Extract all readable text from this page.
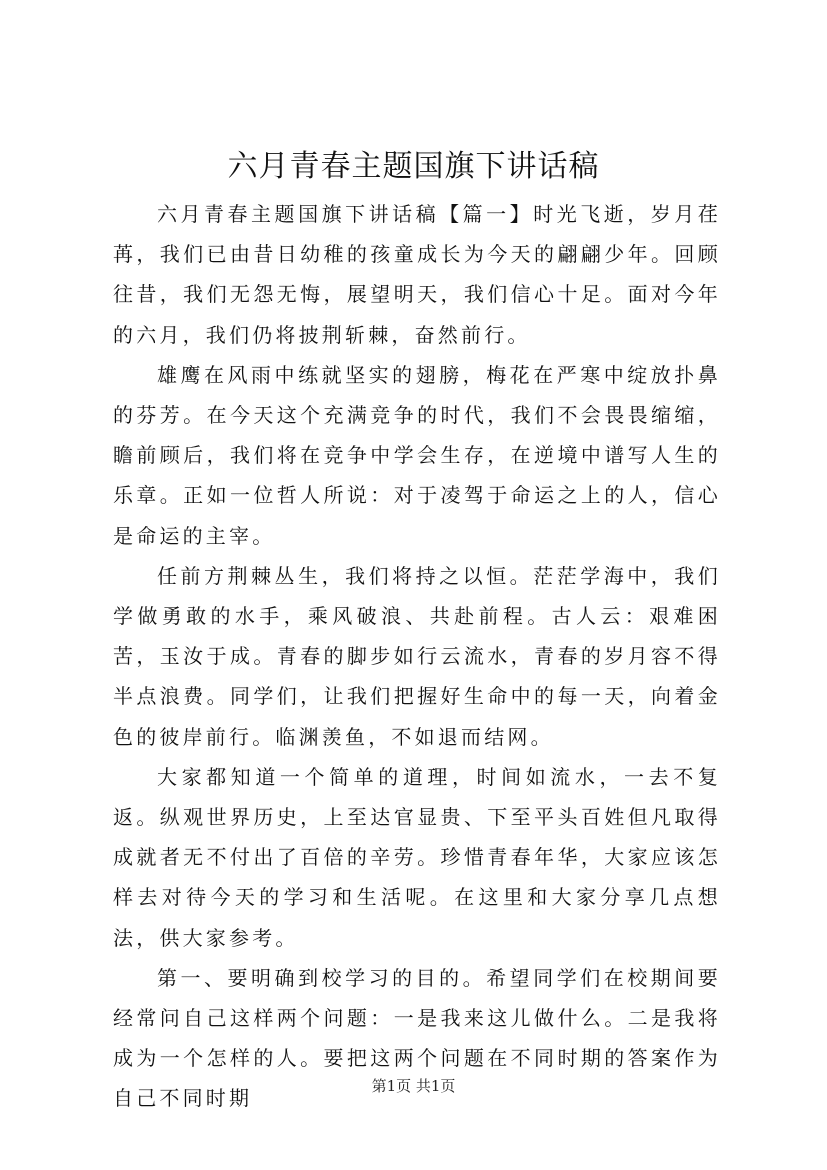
六月青春主题国旗下讲话稿

六月青春主题国旗下讲话稿【篇一】时光飞逝，岁月荏苒，我们已由昔日幼稚的孩童成长为今天的翩翩少年。回顾往昔，我们无怨无悔，展望明天，我们信心十足。面对今年的六月，我们仍将披荆斩棘，奋然前行。

雄鹰在风雨中练就坚实的翅膀，梅花在严寒中绽放扑鼻的芬芳。在今天这个充满竞争的时代，我们不会畏畏缩缩，瞻前顾后，我们将在竞争中学会生存，在逆境中谱写人生的乐章。正如一位哲人所说：对于凌驾于命运之上的人，信心是命运的主宰。

任前方荆棘丛生，我们将持之以恒。茫茫学海中，我们学做勇敢的水手，乘风破浪、共赴前程。古人云：艰难困苦，玉汝于成。青春的脚步如行云流水，青春的岁月容不得半点浪费。同学们，让我们把握好生命中的每一天，向着金色的彼岸前行。临渊羡鱼，不如退而结网。

大家都知道一个简单的道理，时间如流水，一去不复返。纵观世界历史，上至达官显贵、下至平头百姓但凡取得成就者无不付出了百倍的辛劳。珍惜青春年华，大家应该怎样去对待今天的学习和生活呢。在这里和大家分享几点想法，供大家参考。

第一、要明确到校学习的目的。希望同学们在校期间要经常问自己这样两个问题：一是我来这儿做什么。二是我将成为一个怎样的人。要把这两个问题在不同时期的答案作为自己不同时期

第1页 共1页
